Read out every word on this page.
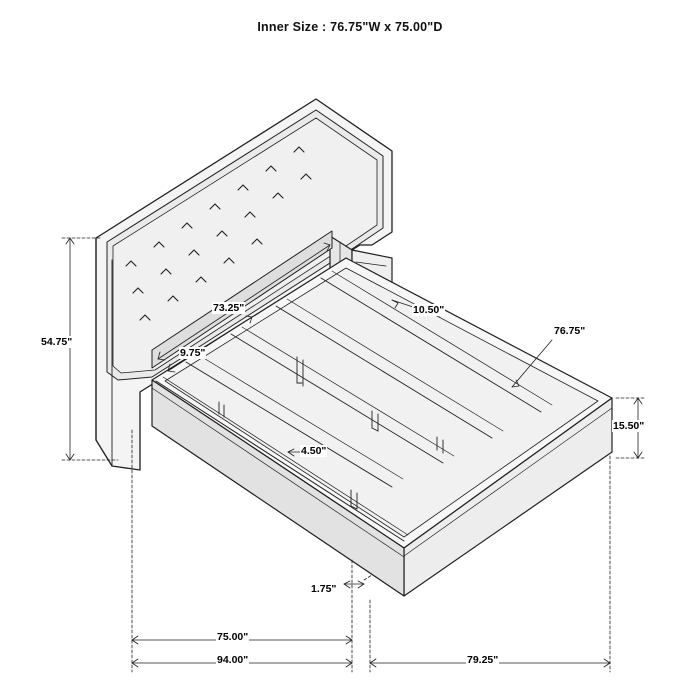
Inner Size : 76.75"W x 75.00"D
54.75"
73.25"
9.75"
10.50"
76.75"
15.50"
4.50"
1.75"
75.00"
94.00"	79.25"
